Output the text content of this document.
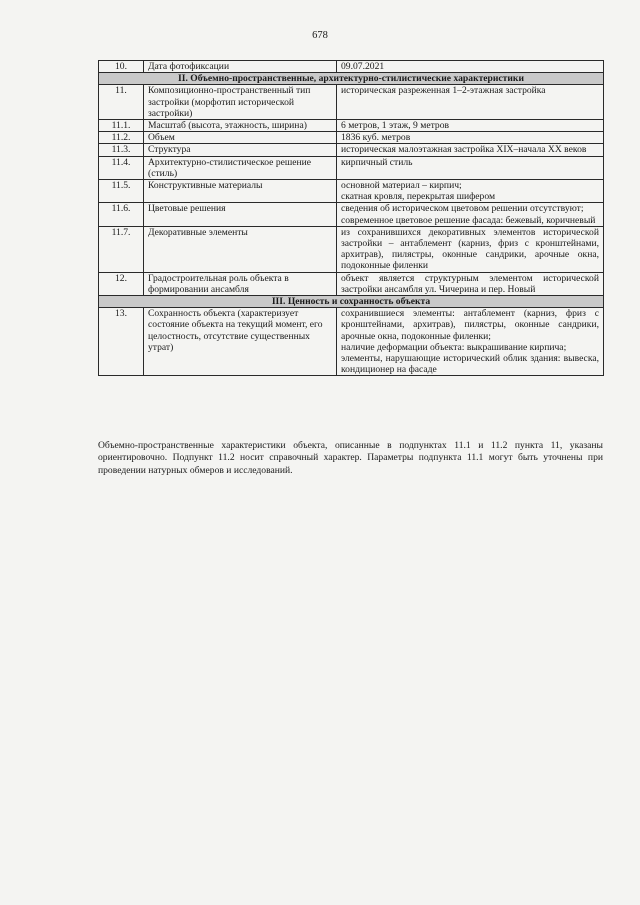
678
10.	Дата фотофиксации	09.07.2021

II. Объемно-пространственные, архитектурно-стилистические характеристики		
11.	Композиционно-пространственный тип застройки (морфотип исторической застройки)	историческая разреженная 1–2-этажная застройка

11.1.	Масштаб (высота, этажность, ширина)	6 метров, 1 этаж, 9 метров

11.2.	Объем	1836 куб. метров

11.3.	Структура	историческая малоэтажная застройка XIX–начала XX веков

11.4.	Архитектурно-стилистическое решение (стиль)	кирпичный стиль

11.5.	Конструктивные материалы	основной материал – кирпич;
скатная кровля, перекрытая шифером

11.6.	Цветовые решения	сведения об историческом цветовом решении отсутствуют;
современное цветовое решение фасада: бежевый, коричневый

11.7.	Декоративные элементы	из сохранившихся декоративных элементов исторической застройки – антаблемент (карниз, фриз с кронштейнами, архитрав), пилястры, оконные сандрики, арочные окна, подоконные филенки

12.	Градостроительная роль объекта в формировании ансамбля	объект является структурным элементом исторической застройки ансамбля ул. Чичерина и пер. Новый

III. Ценность и сохранность объекта		
13.	Сохранность объекта (характеризует состояние объекта на текущий момент, его целостность, отсутствие существенных утрат)	сохранившиеся элементы: антаблемент (карниз, фриз с кронштейнами, архитрав), пилястры, оконные сандрики, арочные окна, подоконные филенки;
наличие деформации объекта: выкрашивание кирпича;
элементы, нарушающие исторический облик здания: вывеска, кондиционер на фасаде

Объемно-пространственные характеристики объекта, описанные в подпунктах 11.1 и 11.2 пункта 11, указаны ориентировочно. Подпункт 11.2 носит справочный характер. Параметры подпункта 11.1 могут быть уточнены при проведении натурных обмеров и исследований.
